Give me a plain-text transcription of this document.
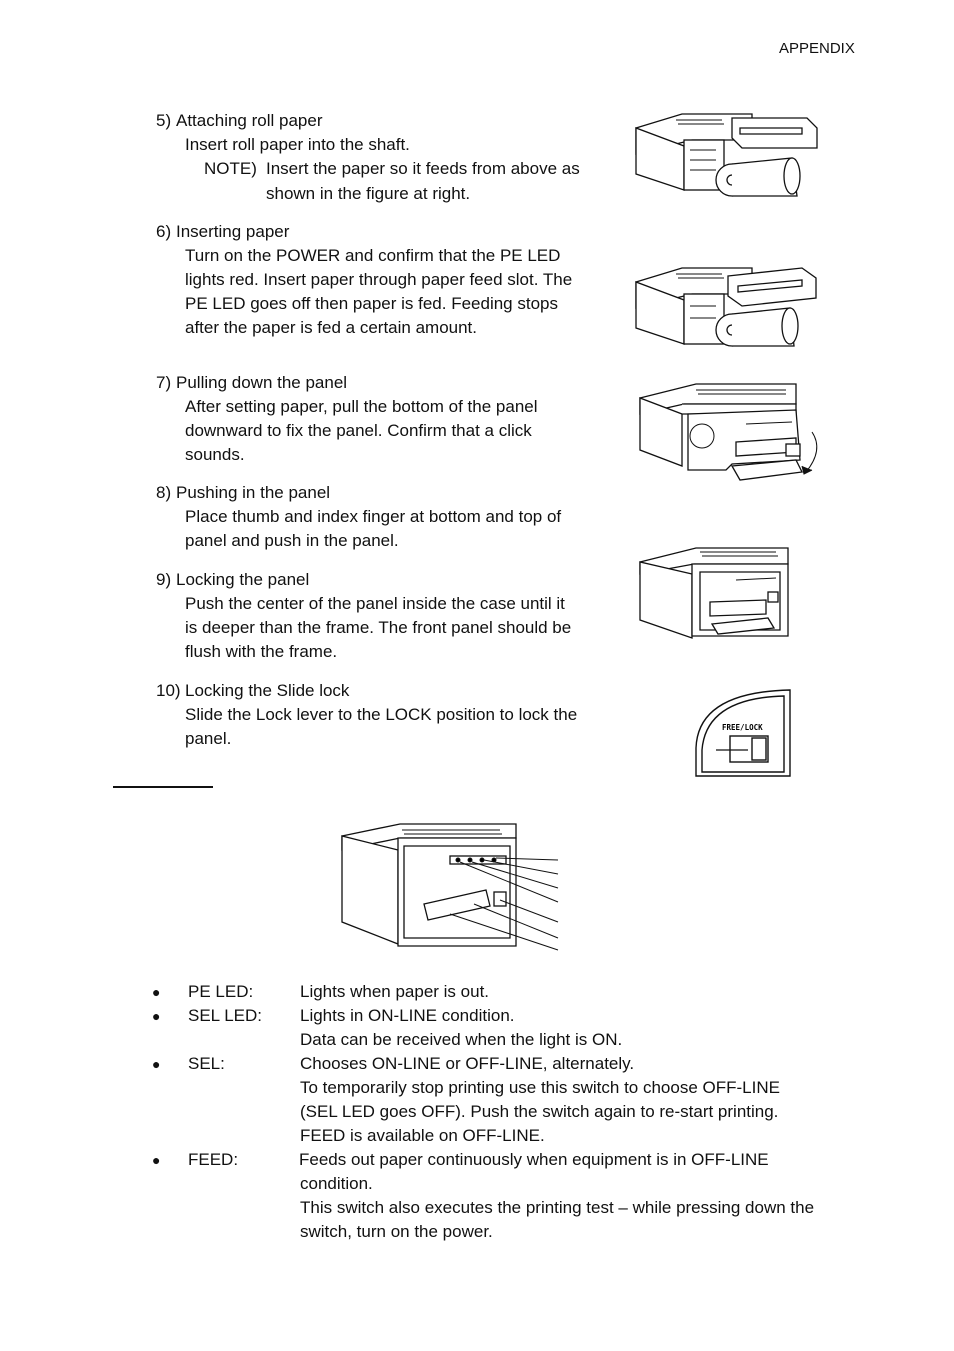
APPENDIX
5) Attaching roll paper
Insert roll paper into the shaft.
NOTE) Insert the paper so it feeds from above as
shown in the figure at right.
6) Inserting paper
Turn on the POWER and confirm that the PE LED
lights red. Insert paper through paper feed slot. The
PE LED goes off then paper is fed. Feeding stops
after the paper is fed a certain amount.
7) Pulling down the panel
After setting paper, pull the bottom of the panel
downward to fix the panel. Confirm that a click
sounds.
8) Pushing in the panel
Place thumb and index finger at bottom and top of
panel and push in the panel.
9) Locking the panel
Push the center of the panel inside the case until it
is deeper than the frame. The front panel should be
flush with the frame.
10) Locking the Slide lock
Slide the Lock lever to the LOCK position to lock the
panel.
FREE/LOCK
● PE LED:	Lights when paper is out.
● SEL LED: Lights in ON-LINE condition.
Data can be received when the light is ON.
● SEL:	Chooses ON-LINE or OFF-LINE, alternately.
To temporarily stop printing use this switch to choose OFF-LINE
(SEL LED goes OFF). Push the switch again to re-start printing.
FEED is available on OFF-LINE.
● FEED:	Feeds out paper continuously when equipment is in OFF-LINE
condition.
This switch also executes the printing test – while pressing down the
switch, turn on the power.
